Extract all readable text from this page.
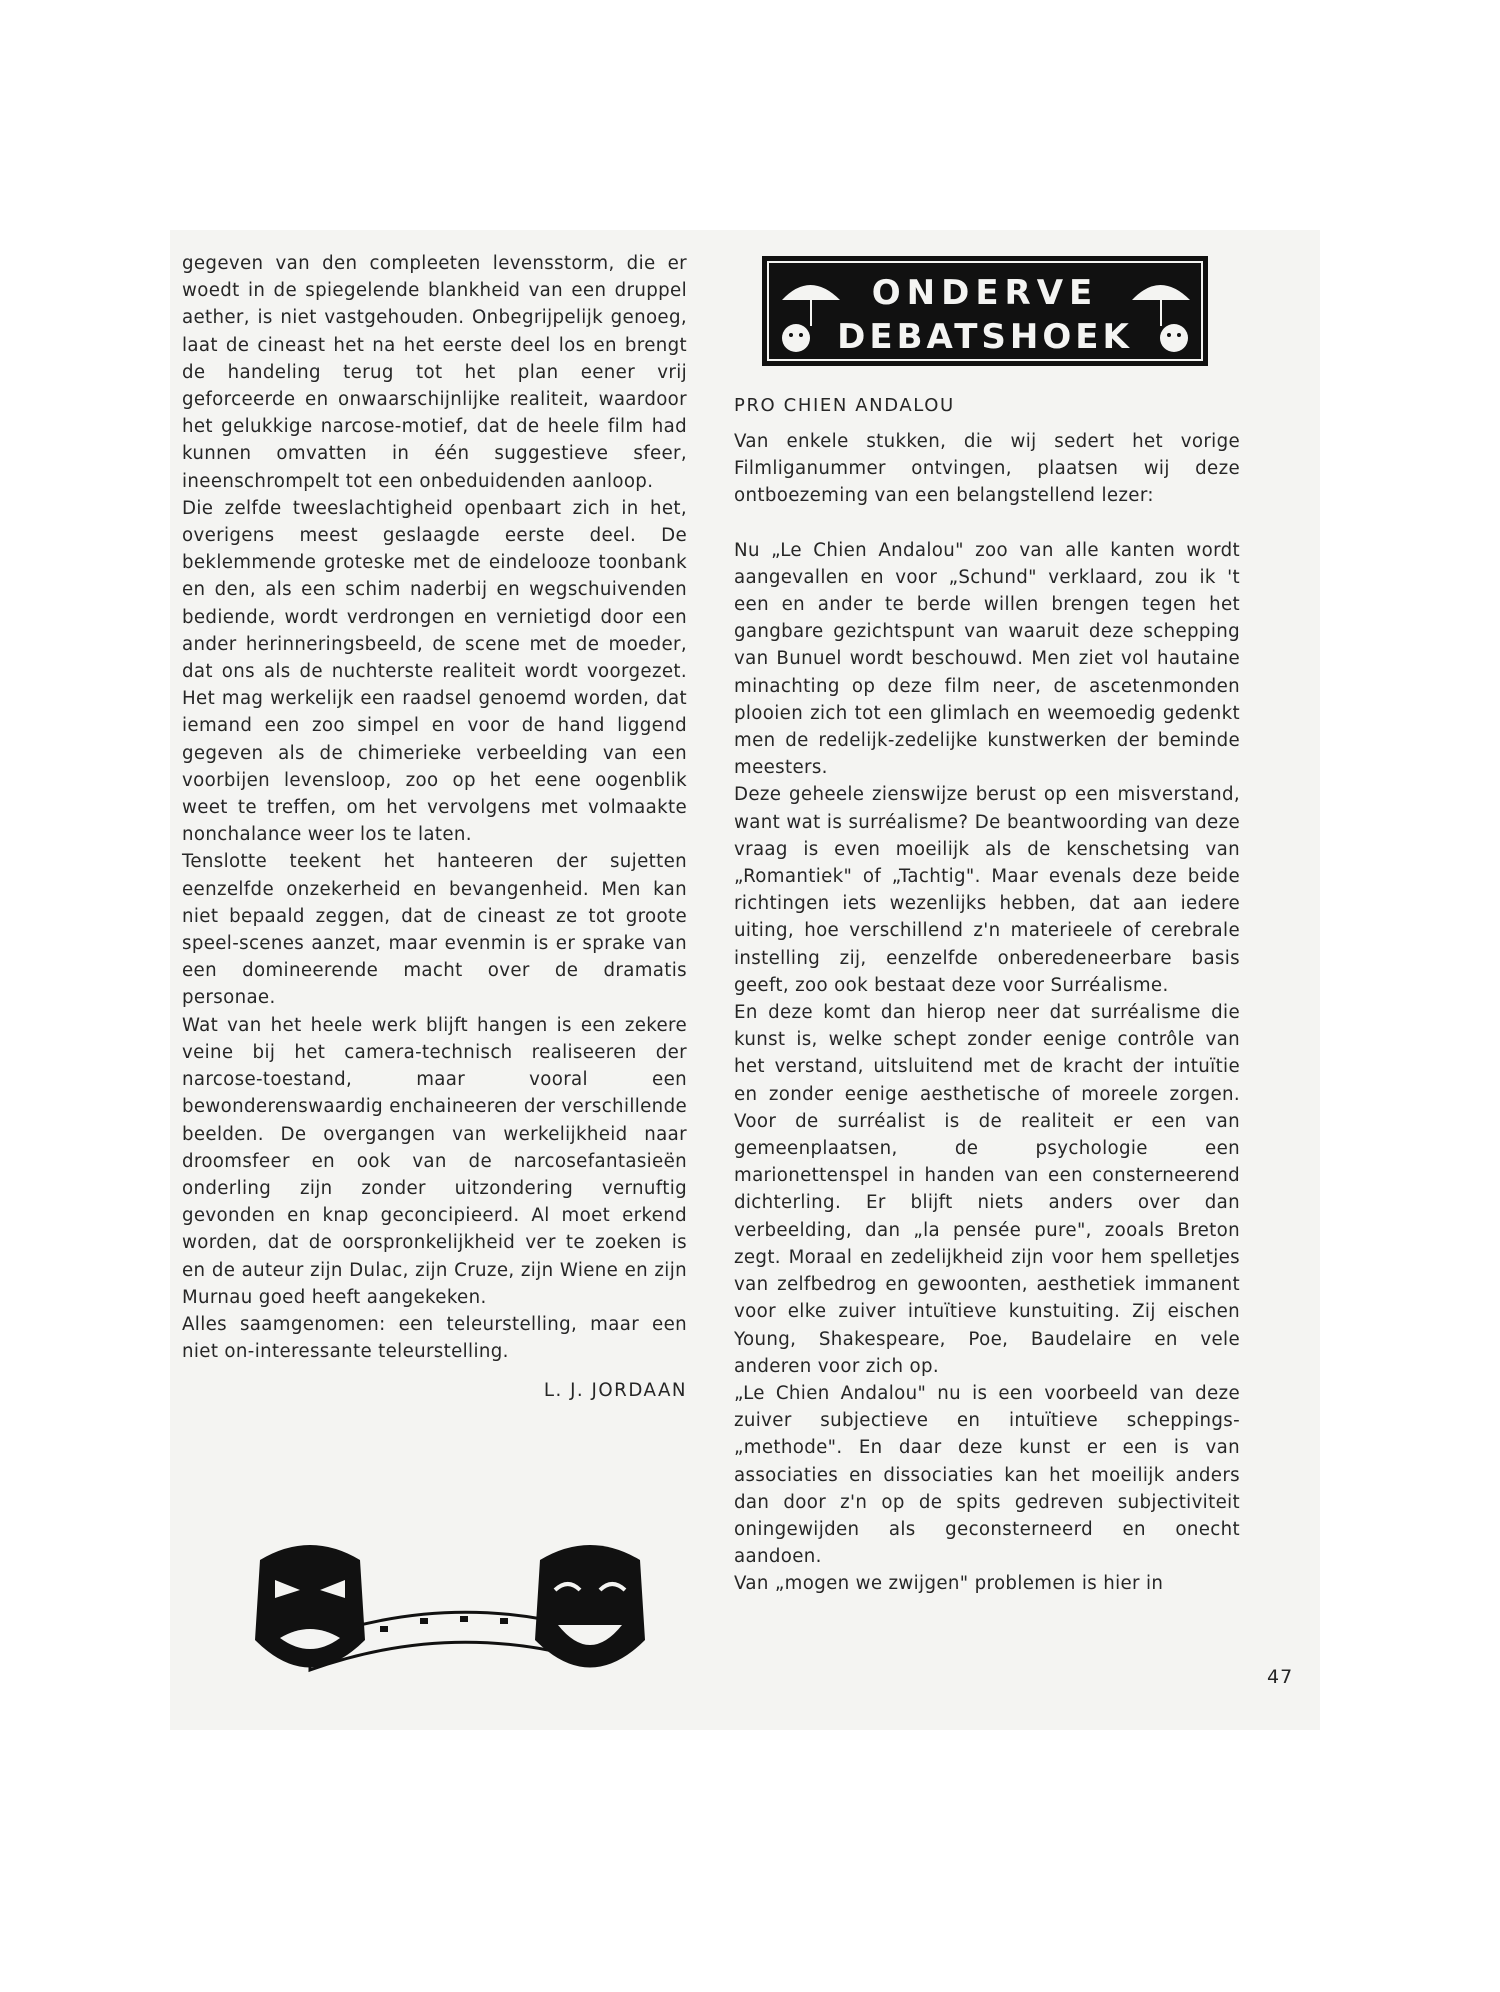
ONDERVE
DEBATSHOEK

gegeven van den compleeten levensstorm, die er woedt in de spiegelende blankheid van een druppel aether, is niet vastgehouden. Onbegrijpelijk genoeg, laat de cineast het na het eerste deel los en brengt de handeling terug tot het plan eener vrij geforceerde en onwaarschijnlijke realiteit, waardoor het gelukkige narcose-motief, dat de heele film had kunnen omvatten in één suggestieve sfeer, ineenschrompelt tot een onbeduidenden aanloop.

Die zelfde tweeslachtigheid openbaart zich in het, overigens meest geslaagde eerste deel. De beklemmende groteske met de eindelooze toonbank en den, als een schim naderbij en wegschuivenden bediende, wordt verdrongen en vernietigd door een ander herinneringsbeeld, de scene met de moeder, dat ons als de nuchterste realiteit wordt voorgezet. Het mag werkelijk een raadsel genoemd worden, dat iemand een zoo simpel en voor de hand liggend gegeven als de chimerieke verbeelding van een voorbijen levensloop, zoo op het eene oogenblik weet te treffen, om het vervolgens met volmaakte nonchalance weer los te laten.

Tenslotte teekent het hanteeren der sujetten eenzelfde onzekerheid en bevangenheid. Men kan niet bepaald zeggen, dat de cineast ze tot groote speel-scenes aanzet, maar evenmin is er sprake van een domineerende macht over de dramatis personae.

Wat van het heele werk blijft hangen is een zekere veine bij het camera-technisch realiseeren der narcose-toestand, maar vooral een bewonderenswaardig enchaineeren der verschillende beelden. De overgangen van werkelijkheid naar droomsfeer en ook van de narcosefantasieën onderling zijn zonder uitzondering vernuftig gevonden en knap geconcipieerd. Al moet erkend worden, dat de oorspronkelijkheid ver te zoeken is en de auteur zijn Dulac, zijn Cruze, zijn Wiene en zijn Murnau goed heeft aangekeken.

Alles saamgenomen: een teleurstelling, maar een niet on-interessante teleurstelling.

L. J. JORDAAN

PRO CHIEN ANDALOU

Van enkele stukken, die wij sedert het vorige Filmliganummer ontvingen, plaatsen wij deze ontboezeming van een belangstellend lezer:

Nu „Le Chien Andalou" zoo van alle kanten wordt aangevallen en voor „Schund" verklaard, zou ik 't een en ander te berde willen brengen tegen het gangbare gezichtspunt van waaruit deze schepping van Bunuel wordt beschouwd. Men ziet vol hautaine minachting op deze film neer, de ascetenmonden plooien zich tot een glimlach en weemoedig gedenkt men de redelijk-zedelijke kunstwerken der beminde meesters.

Deze geheele zienswijze berust op een misverstand, want wat is surréalisme? De beantwoording van deze vraag is even moeilijk als de kenschetsing van „Romantiek" of „Tachtig". Maar evenals deze beide richtingen iets wezenlijks hebben, dat aan iedere uiting, hoe verschillend z'n materieele of cerebrale instelling zij, eenzelfde onberedeneerbare basis geeft, zoo ook bestaat deze voor Surréalisme.

En deze komt dan hierop neer dat surréalisme die kunst is, welke schept zonder eenige contrôle van het verstand, uitsluitend met de kracht der intuïtie en zonder eenige aesthetische of moreele zorgen. Voor de surréalist is de realiteit er een van gemeenplaatsen, de psychologie een marionettenspel in handen van een consterneerend dichterling. Er blijft niets anders over dan verbeelding, dan „la pensée pure", zooals Breton zegt. Moraal en zedelijkheid zijn voor hem spelletjes van zelfbedrog en gewoonten, aesthetiek immanent voor elke zuiver intuïtieve kunstuiting. Zij eischen Young, Shakespeare, Poe, Baudelaire en vele anderen voor zich op.

„Le Chien Andalou" nu is een voorbeeld van deze zuiver subjectieve en intuïtieve scheppings-„methode". En daar deze kunst er een is van associaties en dissociaties kan het moeilijk anders dan door z'n op de spits gedreven subjectiviteit oningewijden als geconsterneerd en onecht aandoen.

Van „mogen we zwijgen" problemen is hier in

47
